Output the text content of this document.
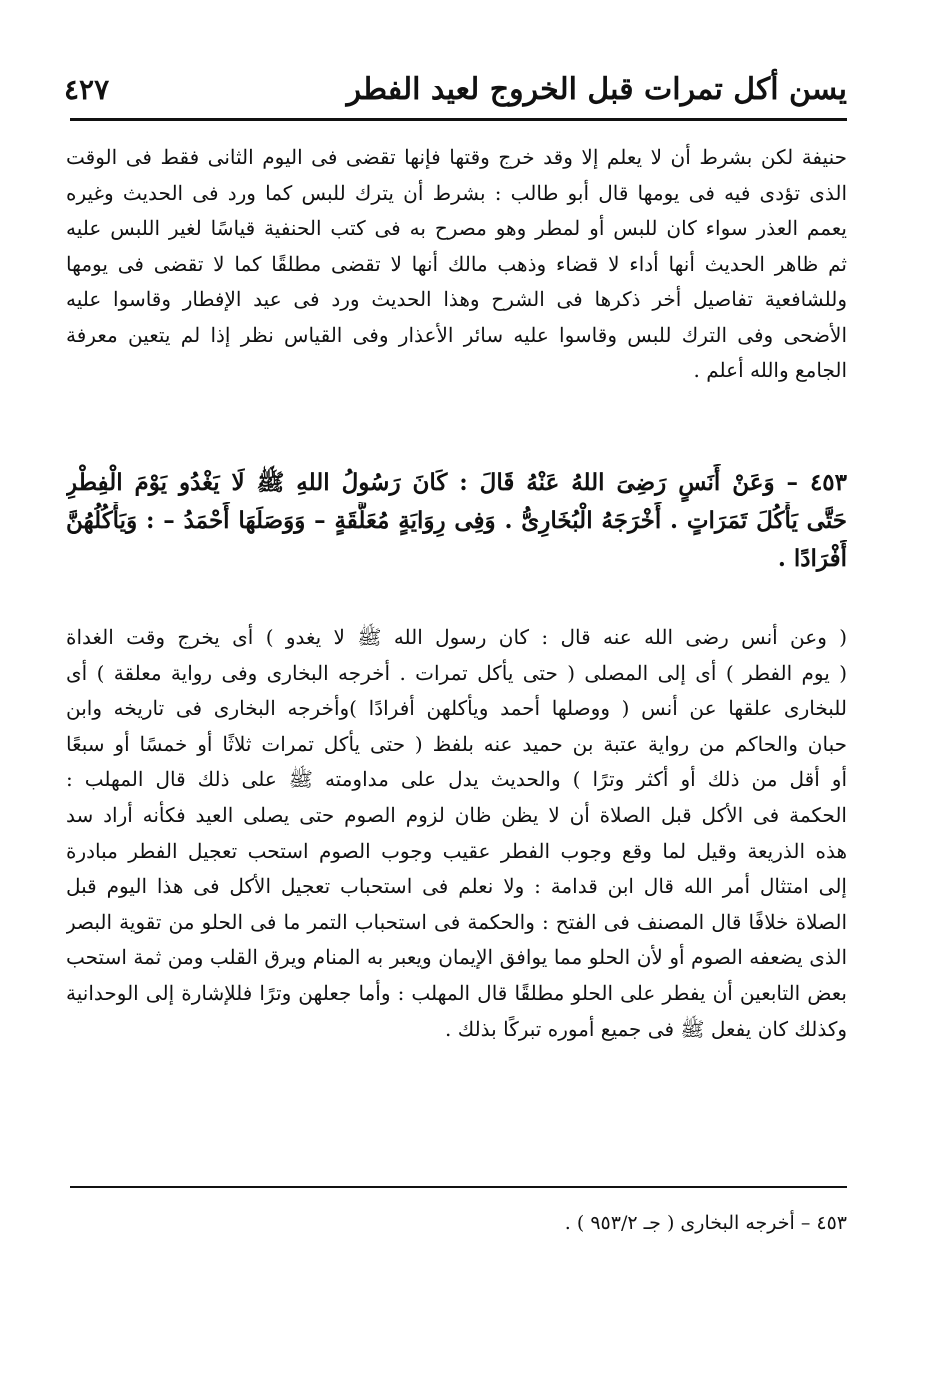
يسن أكل تمرات قبل الخروج لعيد الفطر
٤٢٧
حنيفة لكن بشرط أن لا يعلم إلا وقد خرج وقتها فإنها تقضى فى اليوم الثانى فقط فى الوقت
الذى تؤدى فيه فى يومها قال أبو طالب : بشرط أن يترك للبس كما ورد فى الحديث وغيره
يعمم العذر سواء كان للبس أو لمطر وهو مصرح به فى كتب الحنفية قياسًا لغير اللبس عليه
ثم ظاهر الحديث أنها أداء لا قضاء وذهب مالك أنها لا تقضى مطلقًا كما لا تقضى فى يومها
وللشافعية تفاصيل أخر ذكرها فى الشرح وهذا الحديث ورد فى عيد الإفطار وقاسوا عليه
الأضحى وفى الترك للبس وقاسوا عليه سائر الأعذار وفى القياس نظر إذا لم يتعين معرفة
الجامع والله أعلم .
٤٥٣ – وَعَنْ أَنَسٍ رَضِىَ اللهُ عَنْهُ قَالَ : كَانَ رَسُولُ اللهِ ﷺ لَا يَغْدُو يَوْمَ الْفِطْرِ
حَتَّى يَأْكُلَ تَمَرَاتٍ . أَخْرَجَهُ الْبُخَارِىُّ . وَفِى رِوَايَةٍ مُعَلَّقَةٍ – وَوَصَلَهَا أَحْمَدُ – : وَيَأْكُلُهُنَّ
أَفْرَادًا .
( وعن أنس رضى الله عنه قال : كان رسول الله ﷺ لا يغدو ) أى يخرج وقت الغداة
( يوم الفطر ) أى إلى المصلى ( حتى يأكل تمرات . أخرجه البخارى وفى رواية معلقة ) أى
للبخارى علقها عن أنس ( ووصلها أحمد ويأكلهن أفرادًا )وأخرجه البخارى فى تاريخه وابن
حبان والحاكم من رواية عتبة بن حميد عنه بلفظ ( حتى يأكل تمرات ثلاثًا أو خمسًا أو سبعًا
أو أقل من ذلك أو أكثر وترًا ) والحديث يدل على مداومته ﷺ على ذلك قال المهلب :
الحكمة فى الأكل قبل الصلاة أن لا يظن ظان لزوم الصوم حتى يصلى العيد فكأنه أراد سد
هذه الذريعة وقيل لما وقع وجوب الفطر عقيب وجوب الصوم استحب تعجيل الفطر مبادرة
إلى امتثال أمر الله قال ابن قدامة : ولا نعلم فى استحباب تعجيل الأكل فى هذا اليوم قبل
الصلاة خلافًا قال المصنف فى الفتح : والحكمة فى استحباب التمر ما فى الحلو من تقوية البصر
الذى يضعفه الصوم أو لأن الحلو مما يوافق الإيمان ويعبر به المنام ويرق القلب ومن ثمة استحب
بعض التابعين أن يفطر على الحلو مطلقًا قال المهلب : وأما جعلهن وترًا فللإشارة إلى الوحدانية
وكذلك كان يفعل ﷺ فى جميع أموره تبركًا بذلك .
٤٥٣ – أخرجه البخارى ( جـ ٩٥٣/٢ ) .
